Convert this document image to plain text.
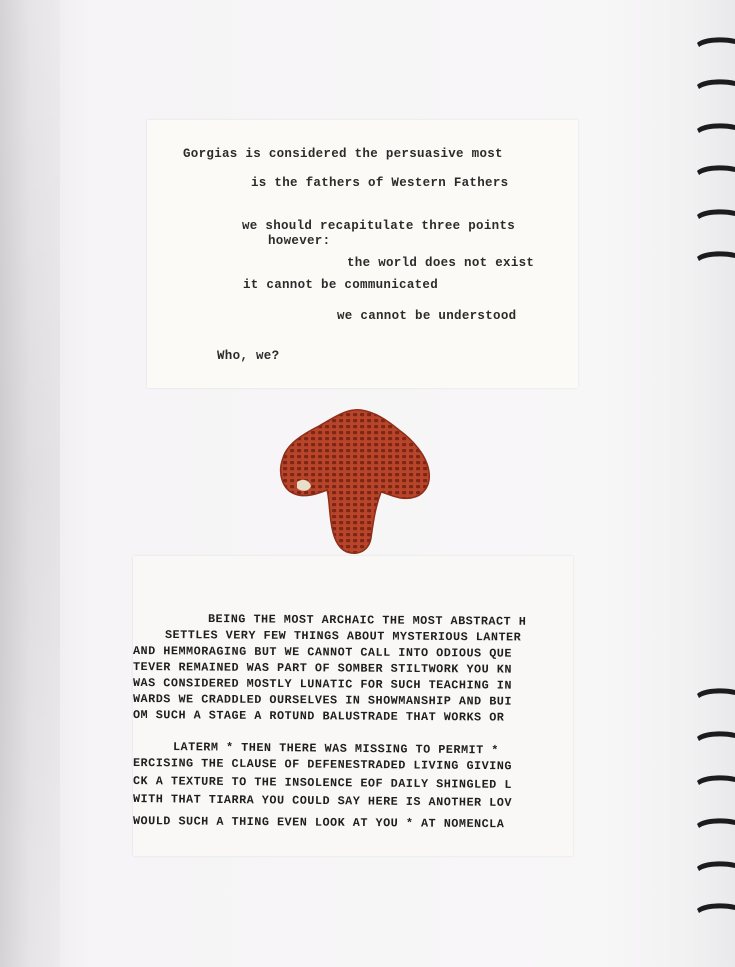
Gorgias is considered the persuasive most
is the fathers of Western Fathers
we should recapitulate three points
however:
the world does not exist
it cannot be communicated
we cannot be understood
Who, we?
BEING THE MOST ARCHAIC THE MOST ABSTRACT H
SETTLES VERY FEW THINGS ABOUT MYSTERIOUS LANTER
AND HEMMORAGING BUT WE CANNOT CALL INTO ODIOUS QUE
TEVER REMAINED WAS PART OF SOMBER STILTWORK YOU KN
WAS CONSIDERED MOSTLY LUNATIC FOR SUCH TEACHING IN
WARDS WE CRADDLED OURSELVES IN SHOWMANSHIP AND BUI
OM SUCH A STAGE A ROTUND BALUSTRADE THAT WORKS OR
LATERM * THEN THERE WAS MISSING TO PERMIT *
ERCISING THE CLAUSE OF DEFENESTRADED LIVING GIVING
CK A TEXTURE TO THE INSOLENCE EOF DAILY SHINGLED L
WITH THAT TIARRA YOU COULD SAY HERE IS ANOTHER LOV
WOULD SUCH A THING EVEN LOOK AT YOU * AT NOMENCLA
